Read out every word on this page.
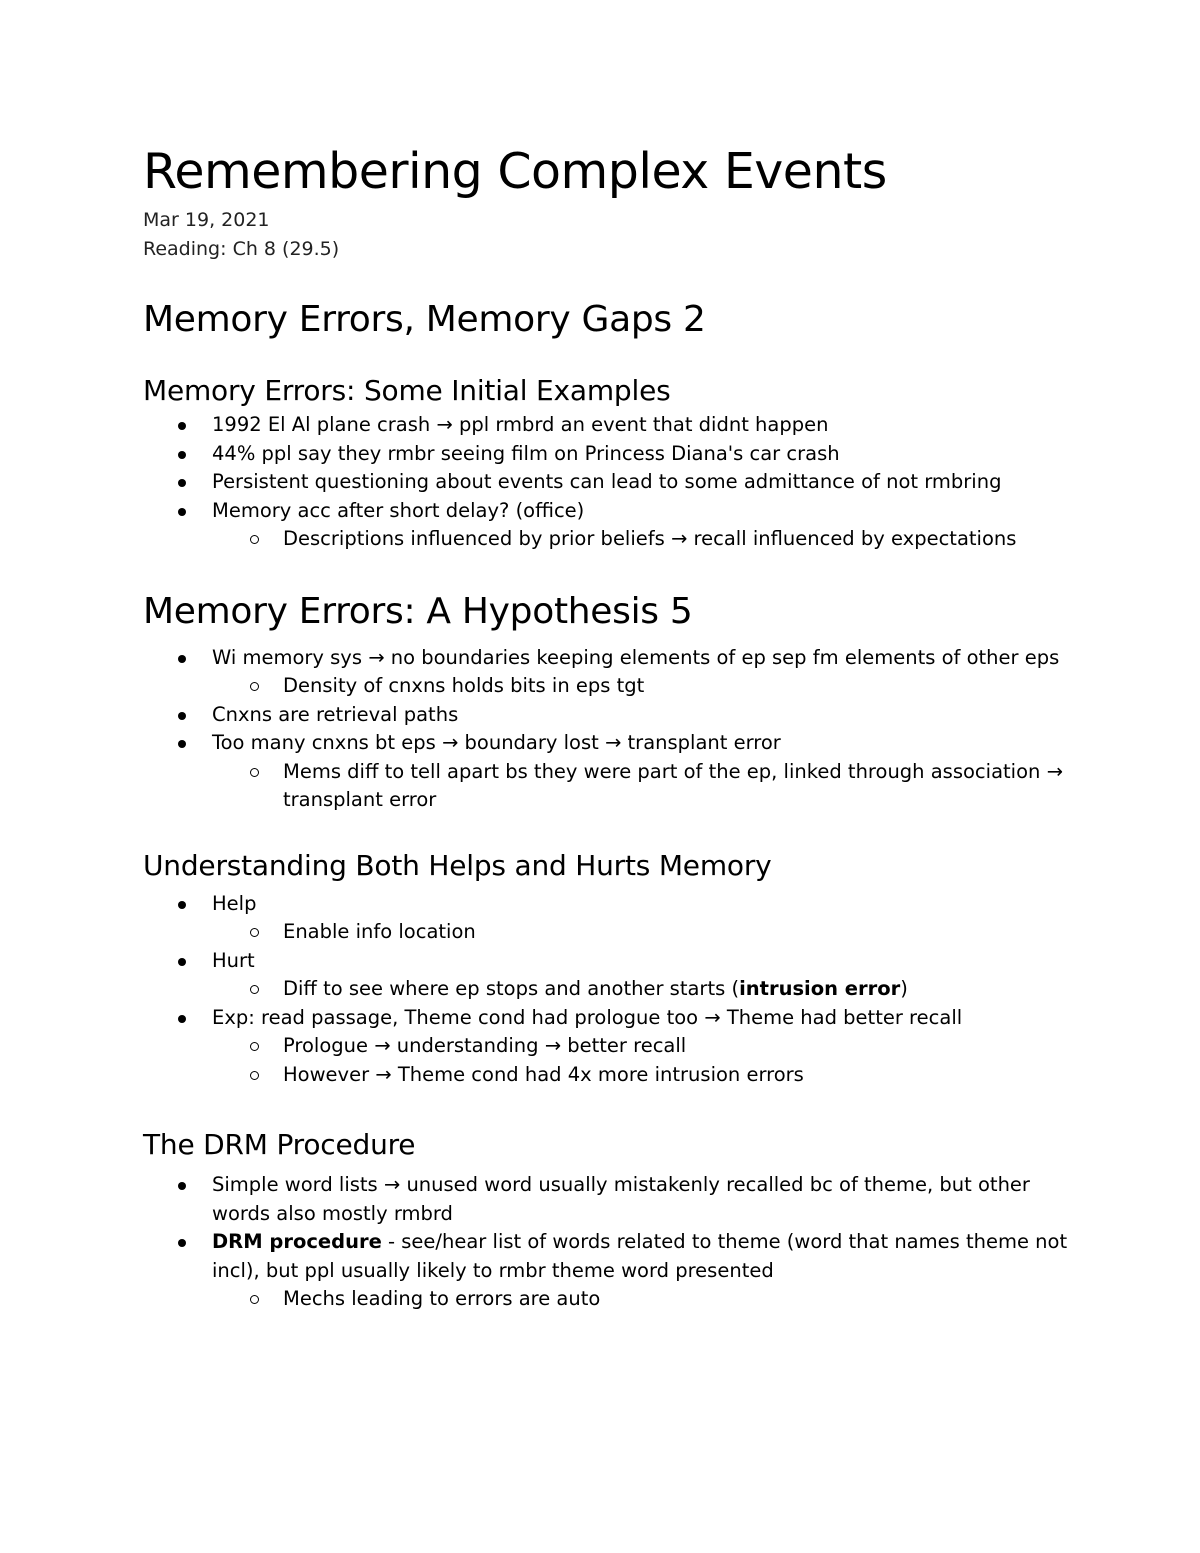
Remembering Complex Events

Mar 19, 2021

Reading: Ch 8 (29.5)

Memory Errors, Memory Gaps 2
Memory Errors: Some Initial Examples
1992 El Al plane crash → ppl rmbrd an event that didnt happen
44% ppl say they rmbr seeing film on Princess Diana's car crash
Persistent questioning about events can lead to some admittance of not rmbring
Memory acc after short delay? (office)
Descriptions influenced by prior beliefs → recall influenced by expectations
Memory Errors: A Hypothesis 5
Wi memory sys → no boundaries keeping elements of ep sep fm elements of other eps
Density of cnxns holds bits in eps tgt
Cnxns are retrieval paths
Too many cnxns bt eps → boundary lost → transplant error
Mems diff to tell apart bs they were part of the ep, linked through association → transplant error
Understanding Both Helps and Hurts Memory
Help
Enable info location
Hurt
Diff to see where ep stops and another starts (intrusion error)
Exp: read passage, Theme cond had prologue too → Theme had better recall
Prologue → understanding → better recall
However → Theme cond had 4x more intrusion errors
The DRM Procedure
Simple word lists → unused word usually mistakenly recalled bc of theme, but other words also mostly rmbrd
DRM procedure - see/hear list of words related to theme (word that names theme not incl), but ppl usually likely to rmbr theme word presented
Mechs leading to errors are auto
